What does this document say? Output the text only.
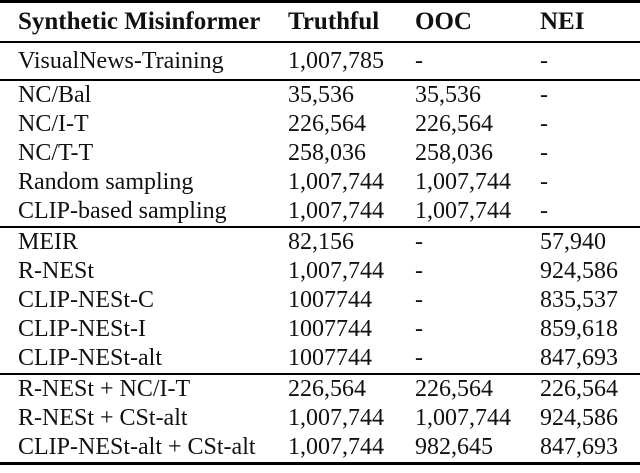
Synthetic Misinformer	Truthful	OOC	NEI
VisualNews-Training	1,007,785	-	-
NC/Bal	35,536	35,536	-
NC/I-T	226,564	226,564	-
NC/T-T	258,036	258,036	-
Random sampling	1,007,744	1,007,744	-
CLIP-based sampling	1,007,744	1,007,744	-
MEIR	82,156	-	57,940
R-NESt	1,007,744	-	924,586
CLIP-NESt-C	1007744	-	835,537
CLIP-NESt-I	1007744	-	859,618
CLIP-NESt-alt	1007744	-	847,693
R-NESt + NC/I-T	226,564	226,564	226,564
R-NESt + CSt-alt	1,007,744	1,007,744	924,586
CLIP-NESt-alt + CSt-alt	1,007,744	982,645	847,693
